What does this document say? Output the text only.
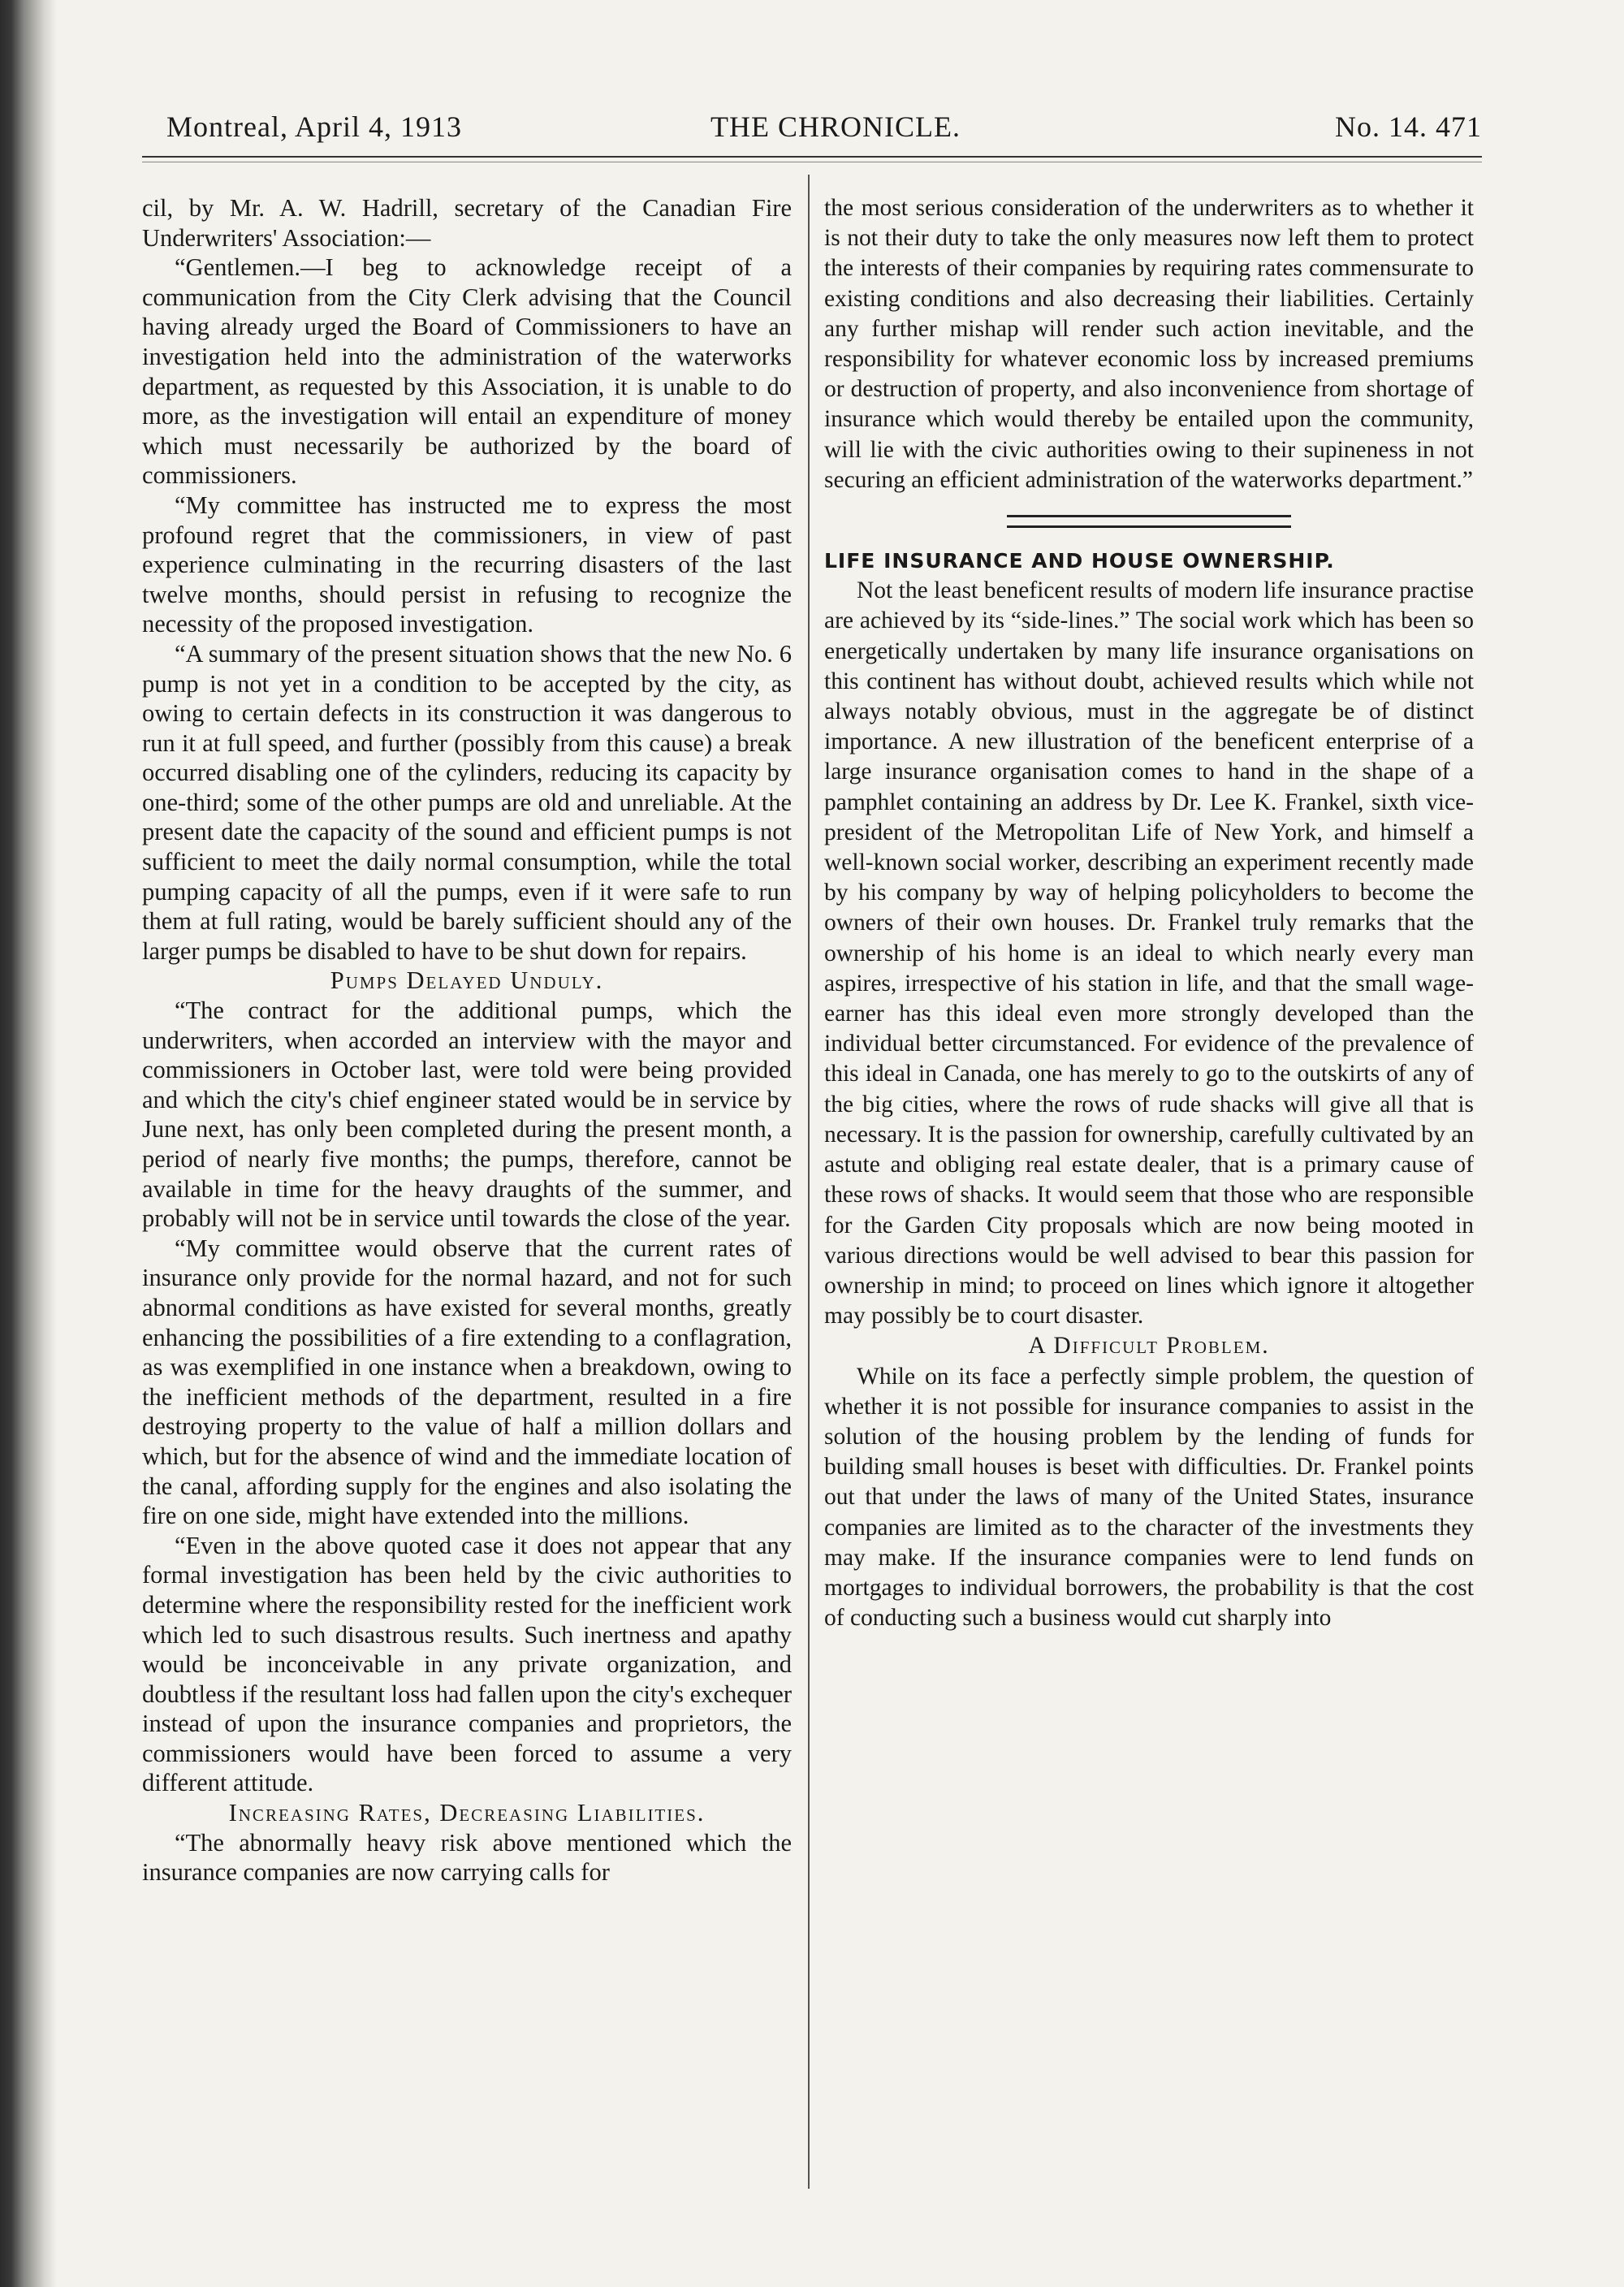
Montreal, April 4, 1913	THE CHRONICLE.	No. 14. 471

cil, by Mr. A. W. Hadrill, secretary of the Canadian Fire Underwriters' Association:—

“Gentlemen.—I beg to acknowledge receipt of a communication from the City Clerk advising that the Council having already urged the Board of Commissioners to have an investigation held into the administration of the waterworks department, as requested by this Association, it is unable to do more, as the investigation will entail an expenditure of money which must necessarily be authorized by the board of commissioners.

“My committee has instructed me to express the most profound regret that the commissioners, in view of past experience culminating in the recurring disasters of the last twelve months, should persist in refusing to recognize the necessity of the proposed investigation.

“A summary of the present situation shows that the new No. 6 pump is not yet in a condition to be accepted by the city, as owing to certain defects in its construction it was dangerous to run it at full speed, and further (possibly from this cause) a break occurred disabling one of the cylinders, reducing its capacity by one-third; some of the other pumps are old and unreliable. At the present date the capacity of the sound and efficient pumps is not sufficient to meet the daily normal consumption, while the total pumping capacity of all the pumps, even if it were safe to run them at full rating, would be barely sufficient should any of the larger pumps be disabled to have to be shut down for repairs.

Pumps Delayed Unduly.

“The contract for the additional pumps, which the underwriters, when accorded an interview with the mayor and commissioners in October last, were told were being provided and which the city's chief engineer stated would be in service by June next, has only been completed during the present month, a period of nearly five months; the pumps, therefore, cannot be available in time for the heavy draughts of the summer, and probably will not be in service until towards the close of the year.

“My committee would observe that the current rates of insurance only provide for the normal hazard, and not for such abnormal conditions as have existed for several months, greatly enhancing the possibilities of a fire extending to a conflagration, as was exemplified in one instance when a breakdown, owing to the inefficient methods of the department, resulted in a fire destroying property to the value of half a million dollars and which, but for the absence of wind and the immediate location of the canal, affording supply for the engines and also isolating the fire on one side, might have extended into the millions.

“Even in the above quoted case it does not appear that any formal investigation has been held by the civic authorities to determine where the responsibility rested for the inefficient work which led to such disastrous results. Such inertness and apathy would be inconceivable in any private organization, and doubtless if the resultant loss had fallen upon the city's exchequer instead of upon the insurance companies and proprietors, the commissioners would have been forced to assume a very different attitude.

Increasing Rates, Decreasing Liabilities.

“The abnormally heavy risk above mentioned which the insurance companies are now carrying calls for

the most serious consideration of the underwriters as to whether it is not their duty to take the only measures now left them to protect the interests of their companies by requiring rates commensurate to existing conditions and also decreasing their liabilities. Certainly any further mishap will render such action inevitable, and the responsibility for whatever economic loss by increased premiums or destruction of property, and also inconvenience from shortage of insurance which would thereby be entailed upon the community, will lie with the civic authorities owing to their supineness in not securing an efficient administration of the waterworks department.”

LIFE INSURANCE AND HOUSE OWNERSHIP.

Not the least beneficent results of modern life insurance practise are achieved by its “side-lines.” The social work which has been so energetically undertaken by many life insurance organisations on this continent has without doubt, achieved results which while not always notably obvious, must in the aggregate be of distinct importance. A new illustration of the beneficent enterprise of a large insurance organisation comes to hand in the shape of a pamphlet containing an address by Dr. Lee K. Frankel, sixth vice-president of the Metropolitan Life of New York, and himself a well-known social worker, describing an experiment recently made by his company by way of helping policyholders to become the owners of their own houses. Dr. Frankel truly remarks that the ownership of his home is an ideal to which nearly every man aspires, irrespective of his station in life, and that the small wage-earner has this ideal even more strongly developed than the individual better circumstanced. For evidence of the prevalence of this ideal in Canada, one has merely to go to the outskirts of any of the big cities, where the rows of rude shacks will give all that is necessary. It is the passion for ownership, carefully cultivated by an astute and obliging real estate dealer, that is a primary cause of these rows of shacks. It would seem that those who are responsible for the Garden City proposals which are now being mooted in various directions would be well advised to bear this passion for ownership in mind; to proceed on lines which ignore it altogether may possibly be to court disaster.

A Difficult Problem.

While on its face a perfectly simple problem, the question of whether it is not possible for insurance companies to assist in the solution of the housing problem by the lending of funds for building small houses is beset with difficulties. Dr. Frankel points out that under the laws of many of the United States, insurance companies are limited as to the character of the investments they may make. If the insurance companies were to lend funds on mortgages to individual borrowers, the probability is that the cost of conducting such a business would cut sharply into
